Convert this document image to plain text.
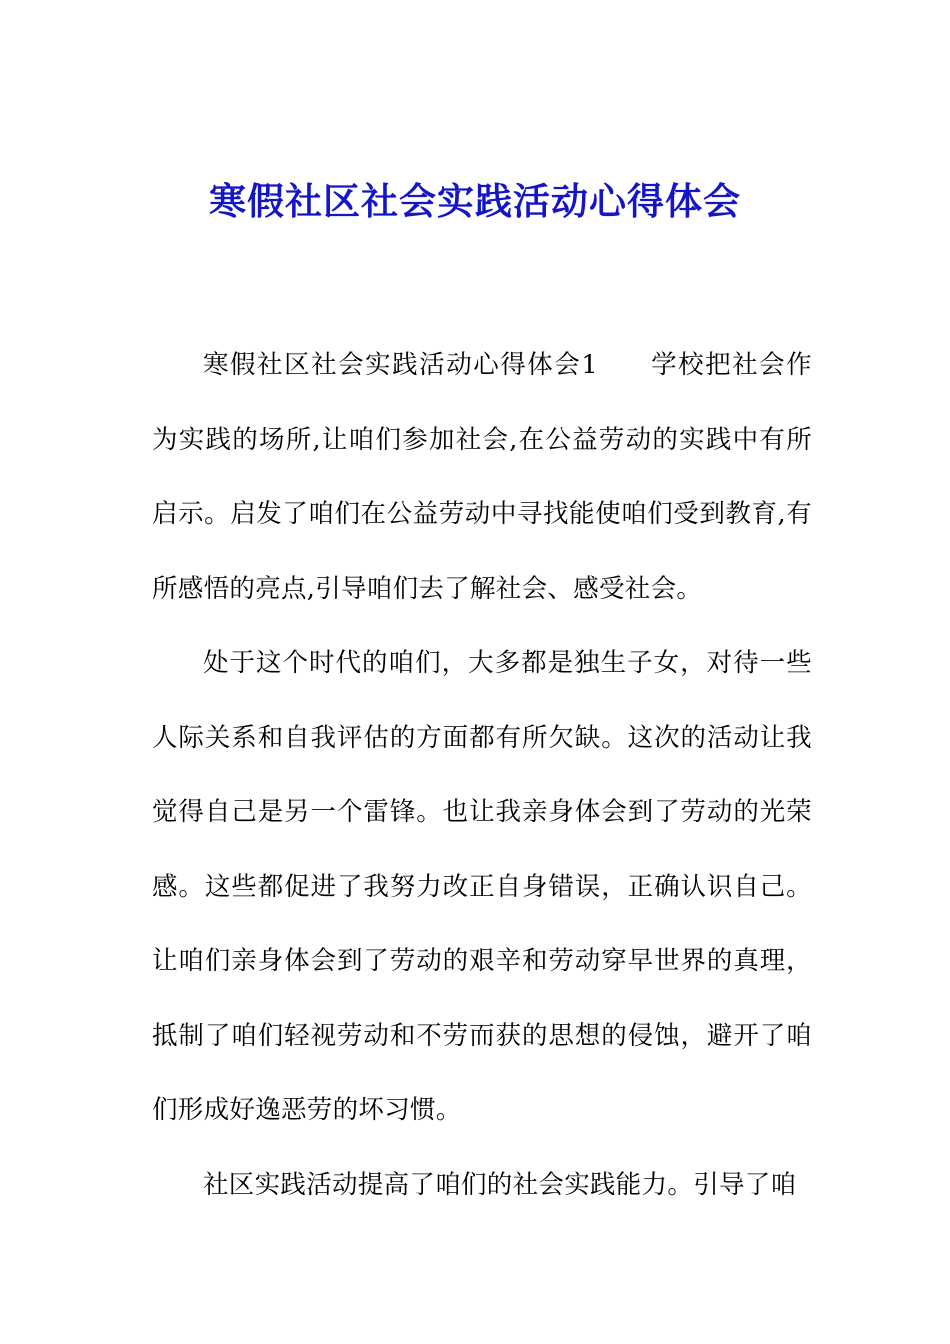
寒假社区社会实践活动心得体会

寒假社区社会实践活动心得体会1 学校把社会作为实践的场所,让咱们参加社会,在公益劳动的实践中有所启示。启发了咱们在公益劳动中寻找能使咱们受到教育,有所感悟的亮点,引导咱们去了解社会、感受社会。

处于这个时代的咱们，大多都是独生子女，对待一些人际关系和自我评估的方面都有所欠缺。这次的活动让我觉得自己是另一个雷锋。也让我亲身体会到了劳动的光荣感。这些都促进了我努力改正自身错误，正确认识自己。让咱们亲身体会到了劳动的艰辛和劳动穿早世界的真理，抵制了咱们轻视劳动和不劳而获的思想的侵蚀，避开了咱们形成好逸恶劳的坏习惯。

社区实践活动提高了咱们的社会实践能力。引导了咱
